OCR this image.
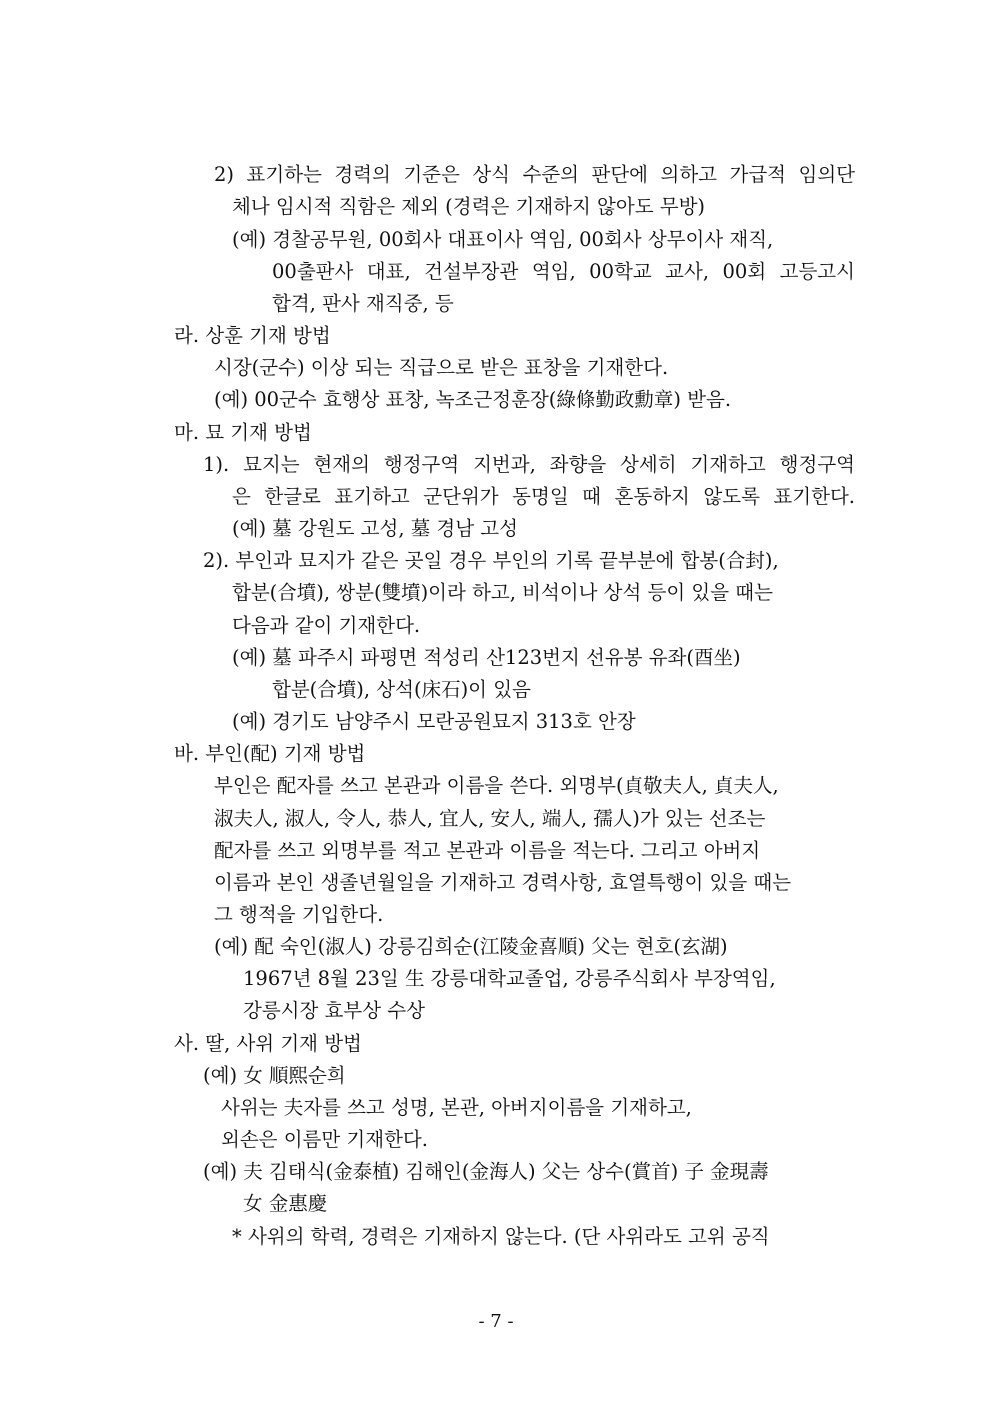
2) 표기하는 경력의 기준은 상식 수준의 판단에 의하고 가급적 임의단
체나 임시적 직함은 제외 (경력은 기재하지 않아도 무방)
(예) 경찰공무원, 00회사 대표이사 역임, 00회사 상무이사 재직,
00출판사 대표, 건설부장관 역임, 00학교 교사, 00회 고등고시
합격, 판사 재직중, 등
라. 상훈 기재 방법
시장(군수) 이상 되는 직급으로 받은 표창을 기재한다.
(예) 00군수 효행상 표창, 녹조근정훈장(綠條勤政勳章) 받음.
마. 묘 기재 방법
1). 묘지는 현재의 행정구역 지번과, 좌향을 상세히 기재하고 행정구역
은 한글로 표기하고 군단위가 동명일 때 혼동하지 않도록 표기한다.
(예) 墓 강원도 고성, 墓 경남 고성
2). 부인과 묘지가 같은 곳일 경우 부인의 기록 끝부분에 합봉(合封),
합분(合墳), 쌍분(雙墳)이라 하고, 비석이나 상석 등이 있을 때는
다음과 같이 기재한다.
(예) 墓 파주시 파평면 적성리 산123번지 선유봉 유좌(酉坐)
합분(合墳), 상석(床石)이 있음
(예) 경기도 남양주시 모란공원묘지 313호 안장
바. 부인(配) 기재 방법
부인은 配자를 쓰고 본관과 이름을 쓴다. 외명부(貞敬夫人, 貞夫人,
淑夫人, 淑人, 令人, 恭人, 宜人, 安人, 端人, 孺人)가 있는 선조는
配자를 쓰고 외명부를 적고 본관과 이름을 적는다. 그리고 아버지
이름과 본인 생졸년월일을 기재하고 경력사항, 효열특행이 있을 때는
그 행적을 기입한다.
(예) 配 숙인(淑人) 강릉김희순(江陵金喜順) 父는 현호(玄湖)
1967년 8월 23일 生 강릉대학교졸업, 강릉주식회사 부장역임,
강릉시장 효부상 수상
사. 딸, 사위 기재 방법
(예) 女 順熙순희
사위는 夫자를 쓰고 성명, 본관, 아버지이름을 기재하고,
외손은 이름만 기재한다.
(예) 夫 김태식(金泰植) 김해인(金海人) 父는 상수(賞首) 子 金現壽
女 金惠慶
* 사위의 학력, 경력은 기재하지 않는다. (단 사위라도 고위 공직
- 7 -
